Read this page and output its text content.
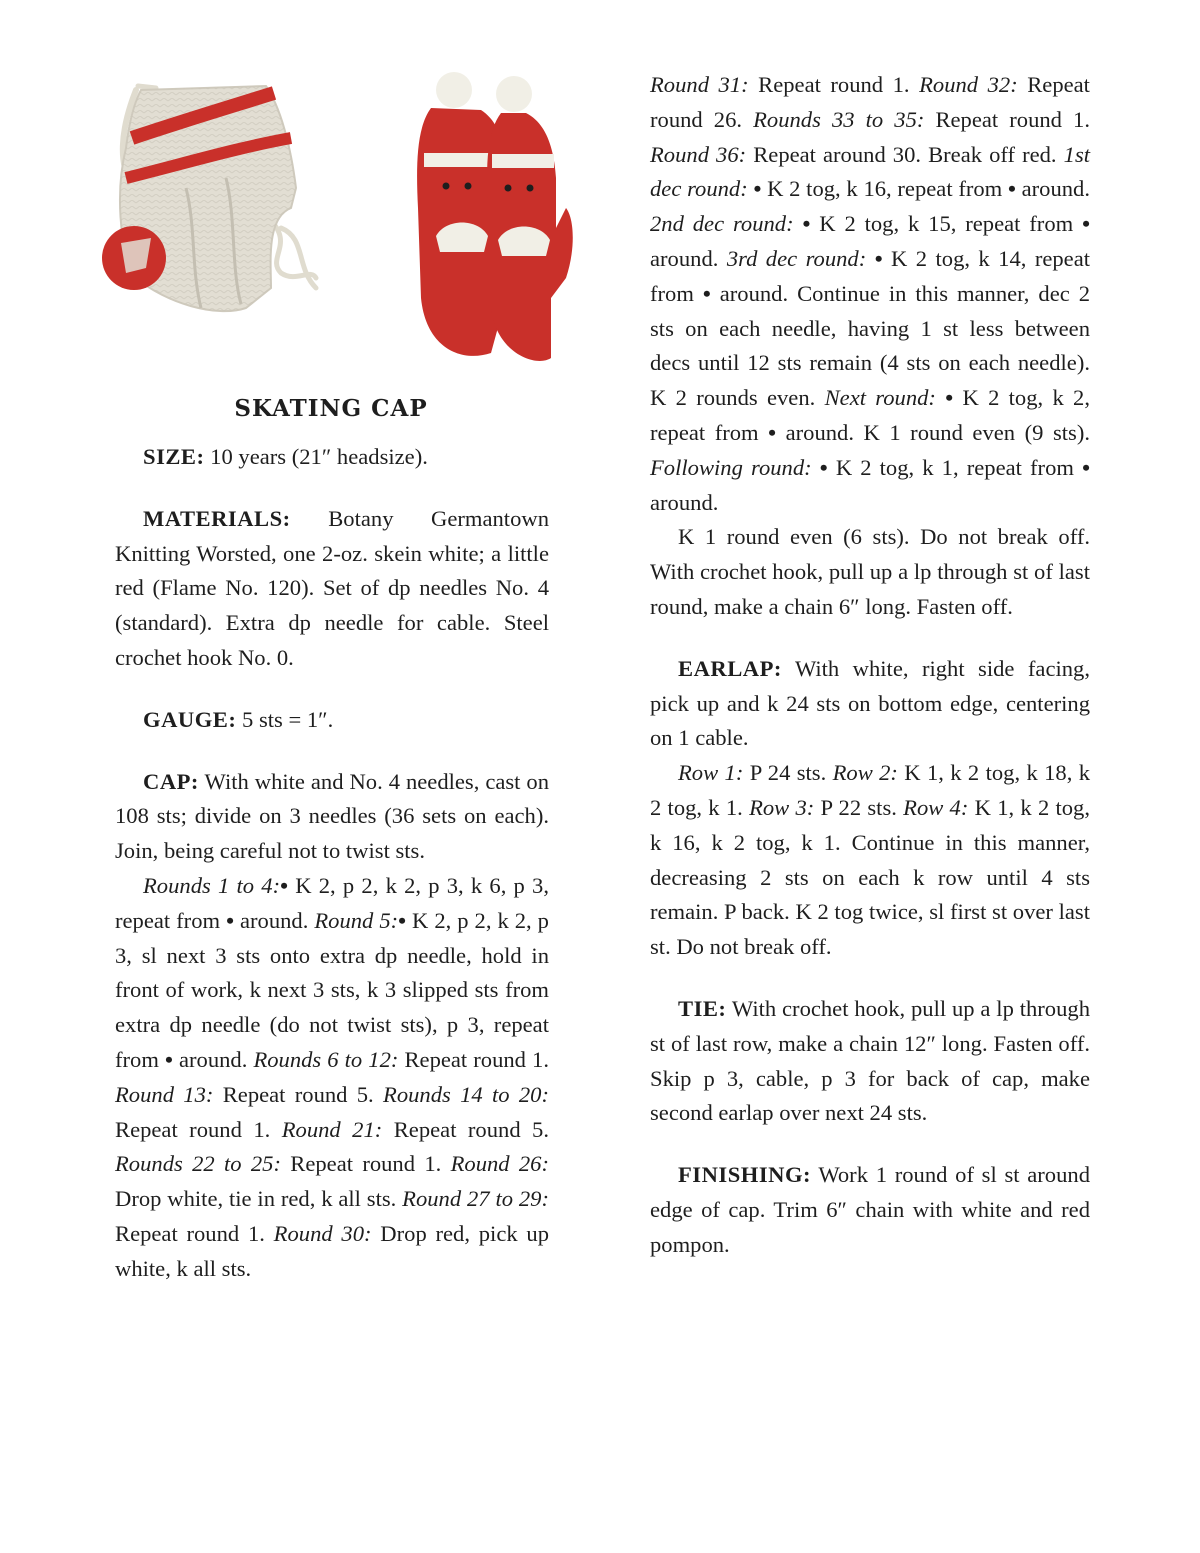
SKATING CAP

SIZE: 10 years (21″ headsize).

MATERIALS: Botany Germantown Knitting Worsted, one 2-oz. skein white; a little red (Flame No. 120). Set of dp needles No. 4 (standard). Extra dp needle for cable. Steel crochet hook No. 0.

GAUGE: 5 sts = 1″.

CAP: With white and No. 4 needles, cast on 108 sts; divide on 3 needles (36 sets on each). Join, being careful not to twist sts.

Rounds 1 to 4:• K 2, p 2, k 2, p 3, k 6, p 3, repeat from • around. Round 5:• K 2, p 2, k 2, p 3, sl next 3 sts onto extra dp needle, hold in front of work, k next 3 sts, k 3 slipped sts from extra dp needle (do not twist sts), p 3, repeat from • around. Rounds 6 to 12: Repeat round 1. Round 13: Repeat round 5. Rounds 14 to 20: Repeat round 1. Round 21: Repeat round 5. Rounds 22 to 25: Repeat round 1. Round 26: Drop white, tie in red, k all sts. Round 27 to 29: Repeat round 1. Round 30: Drop red, pick up white, k all sts.

Round 31: Repeat round 1. Round 32: Repeat round 26. Rounds 33 to 35: Repeat round 1. Round 36: Repeat around 30. Break off red. 1st dec round: • K 2 tog, k 16, repeat from • around. 2nd dec round: • K 2 tog, k 15, repeat from • around. 3rd dec round: • K 2 tog, k 14, repeat from • around. Continue in this manner, dec 2 sts on each needle, having 1 st less between decs until 12 sts remain (4 sts on each needle). K 2 rounds even. Next round: • K 2 tog, k 2, repeat from • around. K 1 round even (9 sts). Following round: • K 2 tog, k 1, repeat from • around.

K 1 round even (6 sts). Do not break off. With crochet hook, pull up a lp through st of last round, make a chain 6″ long. Fasten off.

EARLAP: With white, right side facing, pick up and k 24 sts on bottom edge, centering on 1 cable.

Row 1: P 24 sts. Row 2: K 1, k 2 tog, k 18, k 2 tog, k 1. Row 3: P 22 sts. Row 4: K 1, k 2 tog, k 16, k 2 tog, k 1. Continue in this manner, decreasing 2 sts on each k row until 4 sts remain. P back. K 2 tog twice, sl first st over last st. Do not break off.

TIE: With crochet hook, pull up a lp through st of last row, make a chain 12″ long. Fasten off. Skip p 3, cable, p 3 for back of cap, make second earlap over next 24 sts.

FINISHING: Work 1 round of sl st around edge of cap. Trim 6″ chain with white and red pompon.
